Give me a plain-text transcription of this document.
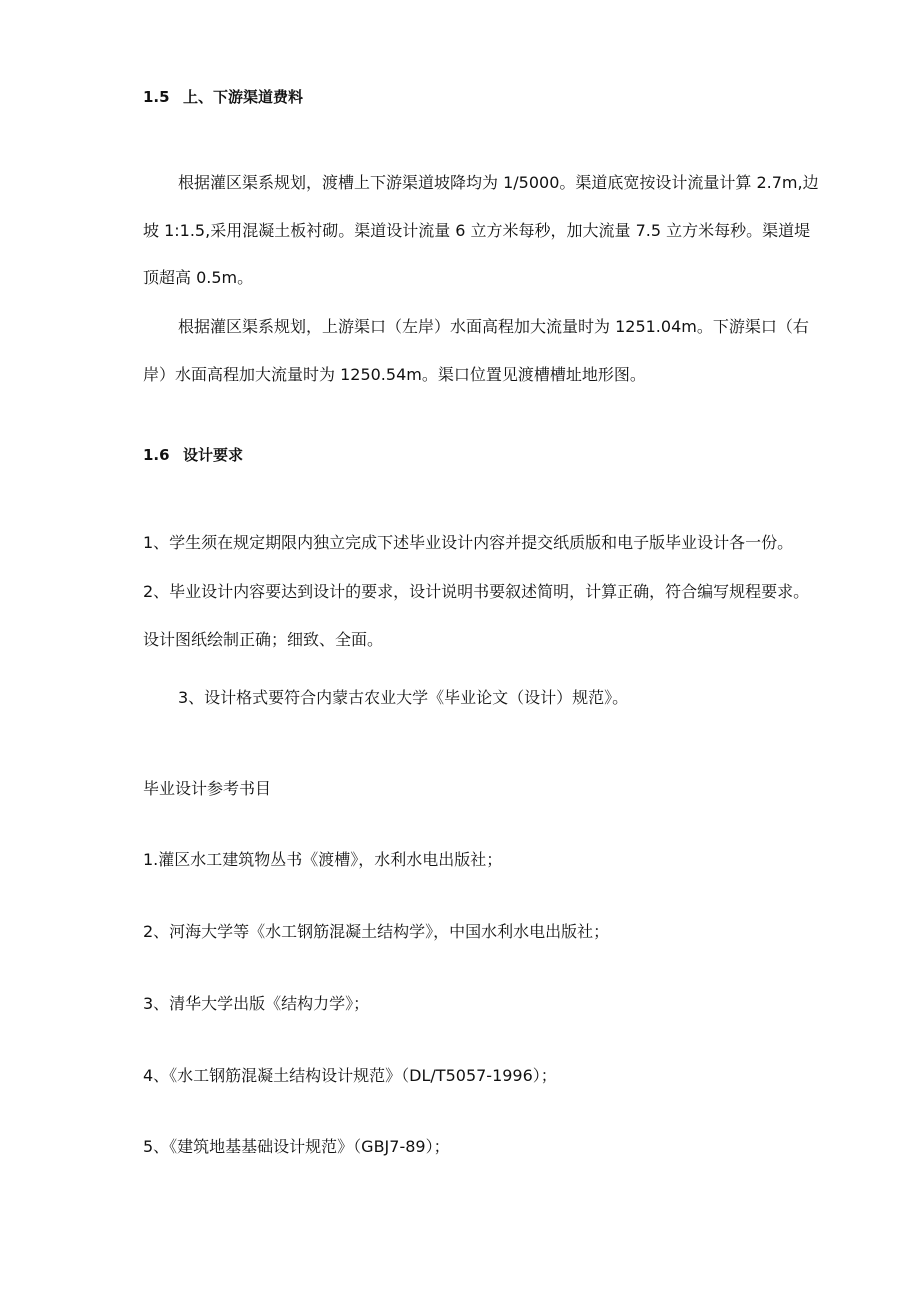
1.5 上、下游渠道费料
根据灌区渠系规划，渡槽上下游渠道坡降均为 1/5000。渠道底宽按设计流量计算 2.7m,边
坡 1:1.5,采用混凝土板衬砌。渠道设计流量 6 立方米每秒，加大流量 7.5 立方米每秒。渠道堤
顶超高 0.5m。
根据灌区渠系规划，上游渠口（左岸）水面高程加大流量时为 1251.04m。下游渠口（右
岸）水面高程加大流量时为 1250.54m。渠口位置见渡槽槽址地形图。
1.6 设计要求
1、学生须在规定期限内独立完成下述毕业设计内容并提交纸质版和电子版毕业设计各一份。
2、毕业设计内容要达到设计的要求，设计说明书要叙述简明，计算正确，符合编写规程要求。
设计图纸绘制正确；细致、全面。
3、设计格式要符合内蒙古农业大学《毕业论文（设计）规范》。
毕业设计参考书目
1.灌区水工建筑物丛书《渡槽》，水利水电出版社；
2、河海大学等《水工钢筋混凝土结构学》，中国水利水电出版社；
3、清华大学出版《结构力学》；
4、《水工钢筋混凝土结构设计规范》（DL/T5057-1996）；
5、《建筑地基基础设计规范》（GBJ7-89）；
